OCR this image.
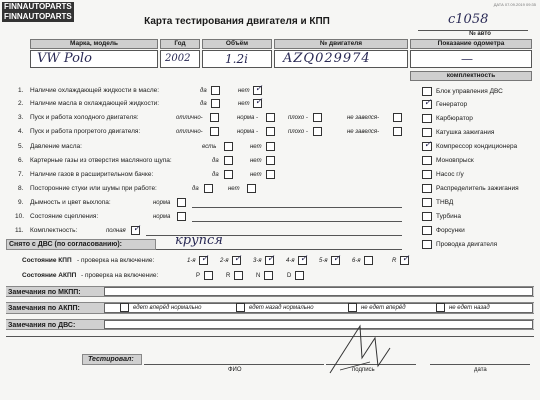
FINNAUTOPARTS
FINNAUTOPARTS
ДАТА 07.09.2019 09:35
Карта тестирования двигателя и КПП	c1058
№ авто
Марка, модель	Год	Объём	№ двигателя	Показание одометра
VW Polo	2002	1.2i	AZQ029974	—
комплектность
1. Наличие охлаждающей жидкости в масле:	да	нет ✓
2. Наличие масла в охлаждающей жидкости:	да	нет ✓
3. Пуск и работа холодного двигателя:	отлично-	норма -	плохо -	не завелся-
4. Пуск и работа прогретого двигателя:	отлично-	норма -	плохо -	не завелся-
5. Давление масла:	есть	нет
6. Картерные газы из отверстия масляного щупа:	да	нет
7. Наличие газов в расширительном бачке:	да	нет
8. Посторонние стуки или шумы при работе:	да	нет
9. Дымность и цвет выхлопа:	норма
10. Состояние сцепления:	норма
11. Комплектность:	полная ✓
Блок управления ДВС
✓ Генератор
Карбюратор
Катушка зажигания
✓ Компрессор кондиционера
Моновпрыск
Насос г/у
Распределитель зажигания
ТНВД
Турбина
Форсунки
Проводка двигателя
Снято с ДВС (по согласованию):	крупся
Состояние КПП - проверка на включение:	1-я ✓ 2-я ✓ 3-я ✓ 4-я ✓ 5-я ✓ 6-я	R ✓
Состояние АКПП - проверка на включение:	P	R	N	D
Замечания по МКПП:
Замечания по АКПП:	едет вперёд нормально	едет назад нормально	не едет вперёд	не едет назад
Замечания по ДВС:
Тестировал:
ФИО	подпись	дата
